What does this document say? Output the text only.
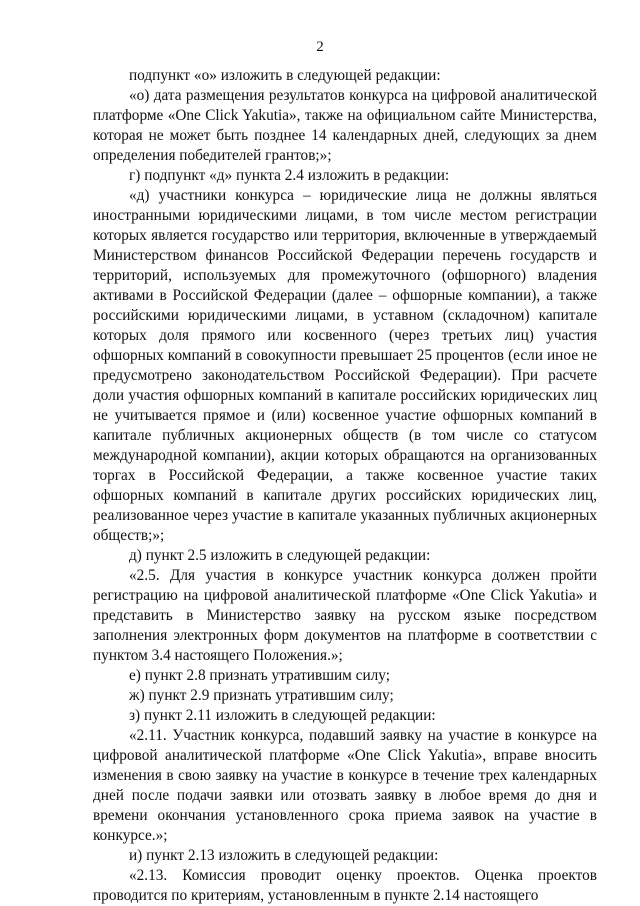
2

подпункт «о» изложить в следующей редакции:

«о) дата размещения результатов конкурса на цифровой аналитической платформе «One Click Yakutia», также на официальном сайте Министерства, которая не может быть позднее 14 календарных дней, следующих за днем определения победителей грантов;»;

г) подпункт «д» пункта 2.4 изложить в редакции:

«д) участники конкурса – юридические лица не должны являться иностранными юридическими лицами, в том числе местом регистрации которых является государство или территория, включенные в утверждаемый Министерством финансов Российской Федерации перечень государств и территорий, используемых для промежуточного (офшорного) владения активами в Российской Федерации (далее – офшорные компании), а также российскими юридическими лицами, в уставном (складочном) капитале которых доля прямого или косвенного (через третьих лиц) участия офшорных компаний в совокупности превышает 25 процентов (если иное не предусмотрено законодательством Российской Федерации). При расчете доли участия офшорных компаний в капитале российских юридических лиц не учитывается прямое и (или) косвенное участие офшорных компаний в капитале публичных акционерных обществ (в том числе со статусом международной компании), акции которых обращаются на организованных торгах в Российской Федерации, а также косвенное участие таких офшорных компаний в капитале других российских юридических лиц, реализованное через участие в капитале указанных публичных акционерных обществ;»;

д) пункт 2.5 изложить в следующей редакции:

«2.5. Для участия в конкурсе участник конкурса должен пройти регистрацию на цифровой аналитической платформе «One Click Yakutia» и представить в Министерство заявку на русском языке посредством заполнения электронных форм документов на платформе в соответствии с пунктом 3.4 настоящего Положения.»;

е) пункт 2.8 признать утратившим силу;

ж) пункт 2.9 признать утратившим силу;

з) пункт 2.11 изложить в следующей редакции:

«2.11. Участник конкурса, подавший заявку на участие в конкурсе на цифровой аналитической платформе «One Click Yakutia», вправе вносить изменения в свою заявку на участие в конкурсе в течение трех календарных дней после подачи заявки или отозвать заявку в любое время до дня и времени окончания установленного срока приема заявок на участие в конкурсе.»;

и) пункт 2.13 изложить в следующей редакции:

«2.13. Комиссия проводит оценку проектов. Оценка проектов проводится по критериям, установленным в пункте 2.14 настоящего
